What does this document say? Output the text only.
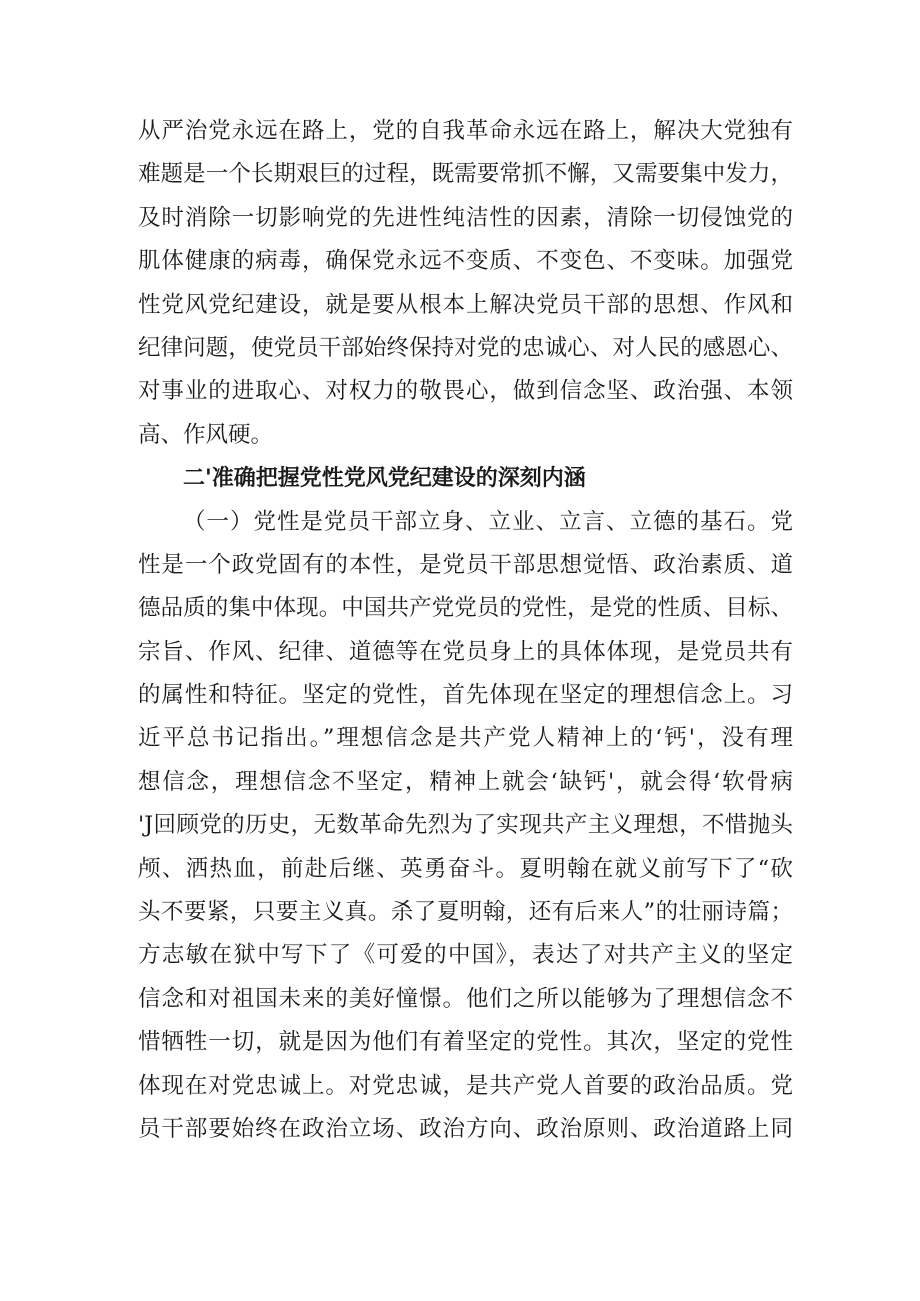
从严治党永远在路上，党的自我革命永远在路上，解决大党独有
难题是一个长期艰巨的过程，既需要常抓不懈，又需要集中发力，
及时消除一切影响党的先进性纯洁性的因素，清除一切侵蚀党的
肌体健康的病毒，确保党永远不变质、不变色、不变味。加强党
性党风党纪建设，就是要从根本上解决党员干部的思想、作风和
纪律问题，使党员干部始终保持对党的忠诚心、对人民的感恩心、
对事业的进取心、对权力的敬畏心，做到信念坚、政治强、本领
高、作风硬。
二'准确把握党性党风党纪建设的深刻内涵
（一）党性是党员干部立身、立业、立言、立德的基石。党
性是一个政党固有的本性，是党员干部思想觉悟、政治素质、道
德品质的集中体现。中国共产党党员的党性，是党的性质、目标、
宗旨、作风、纪律、道德等在党员身上的具体体现，是党员共有
的属性和特征。坚定的党性，首先体现在坚定的理想信念上。习
近平总书记指出。”理想信念是共产党人精神上的‘钙'，没有理
想信念，理想信念不坚定，精神上就会‘缺钙'，就会得‘软骨病
'J回顾党的历史，无数革命先烈为了实现共产主义理想，不惜抛头
颅、洒热血，前赴后继、英勇奋斗。夏明翰在就义前写下了“砍
头不要紧，只要主义真。杀了夏明翰，还有后来人”的壮丽诗篇；
方志敏在狱中写下了《可爱的中国》，表达了对共产主义的坚定
信念和对祖国未来的美好憧憬。他们之所以能够为了理想信念不
惜牺牲一切，就是因为他们有着坚定的党性。其次，坚定的党性
体现在对党忠诚上。对党忠诚，是共产党人首要的政治品质。党
员干部要始终在政治立场、政治方向、政治原则、政治道路上同
